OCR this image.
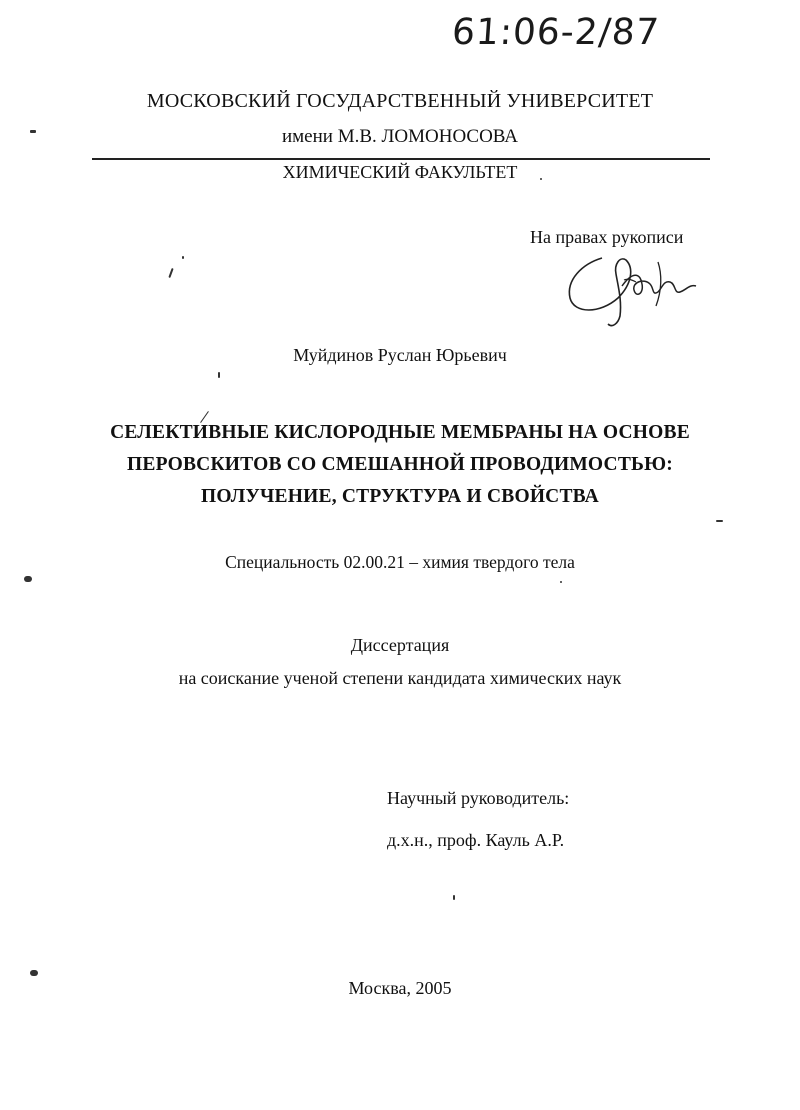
61:06-2/87
МОСКОВСКИЙ ГОСУДАРСТВЕННЫЙ УНИВЕРСИТЕТ
имени М.В. ЛОМОНОСОВА
ХИМИЧЕСКИЙ ФАКУЛЬТЕТ
На правах рукописи
Муйдинов Руслан Юрьевич
СЕЛЕКТИВНЫЕ КИСЛОРОДНЫЕ МЕМБРАНЫ НА ОСНОВЕ
ПЕРОВСКИТОВ СО СМЕШАННОЙ ПРОВОДИМОСТЬЮ:
ПОЛУЧЕНИЕ, СТРУКТУРА И СВОЙСТВА
Специальность 02.00.21 – химия твердого тела
Диссертация
на соискание ученой степени кандидата химических наук
Научный руководитель:
д.х.н., проф. Кауль А.Р.
Москва, 2005
